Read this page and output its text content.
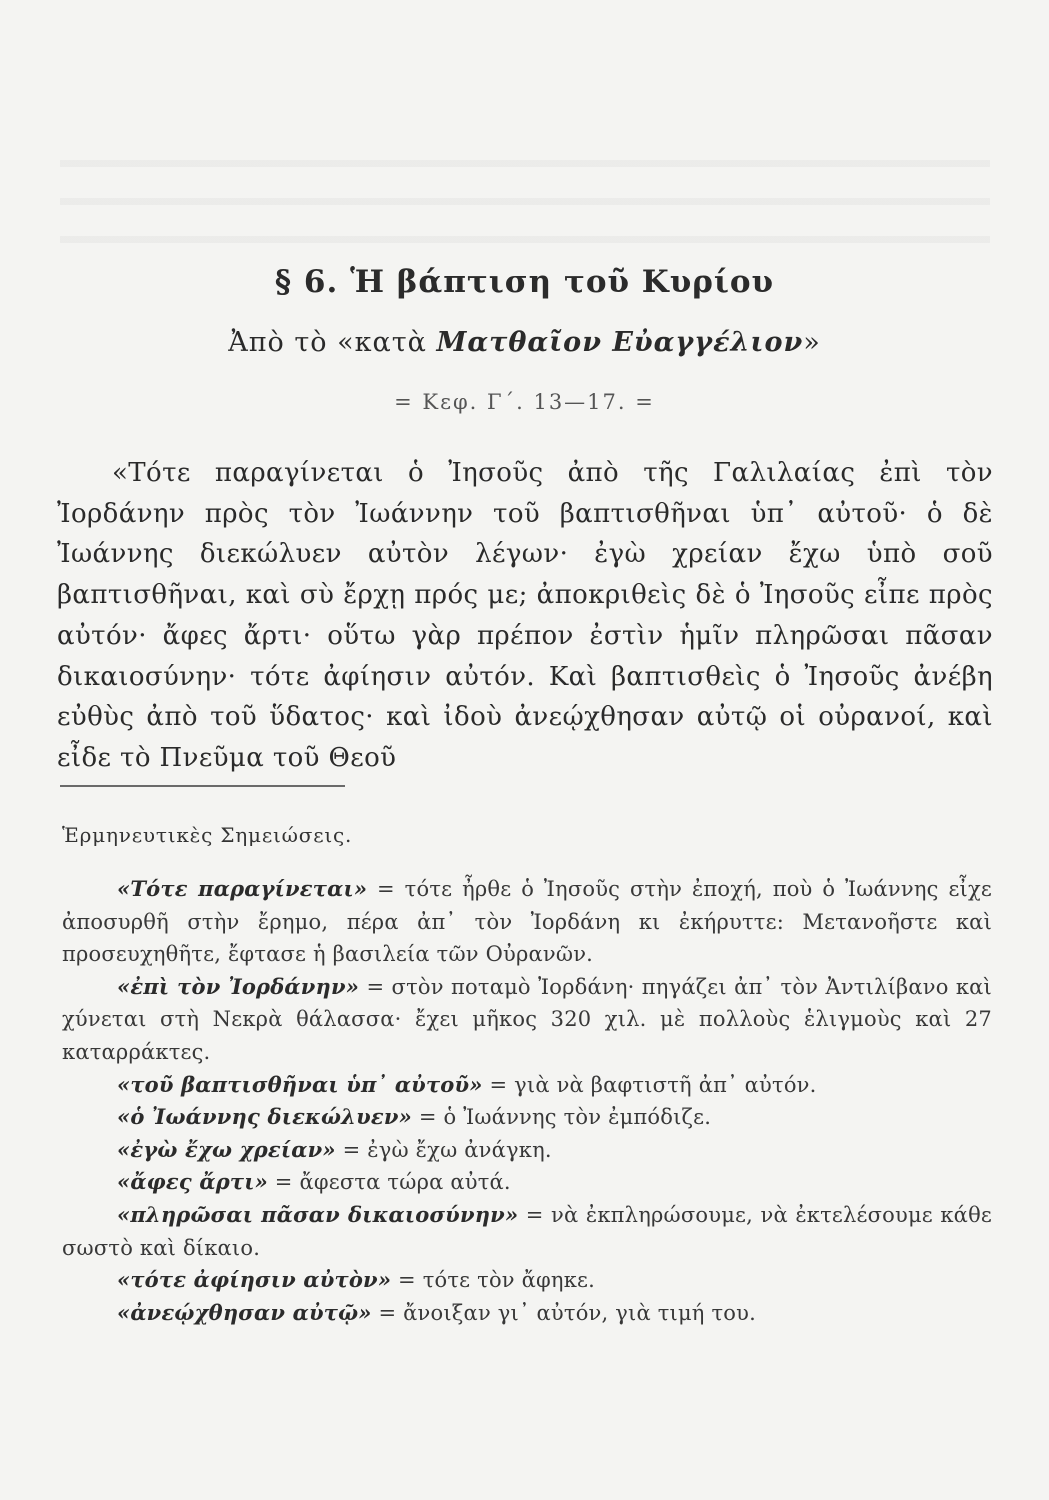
§ 6. Ἡ βάπτιση τοῦ Κυρίου
Ἀπὸ τὸ «κατὰ Ματθαῖον Εὐαγγέλιον»
= Κεφ. Γ΄. 13—17. =

«Τότε παραγίνεται ὁ Ἰησοῦς ἀπὸ τῆς Γαλιλαίας ἐπὶ τὸν Ἰορδάνην πρὸς τὸν Ἰωάννην τοῦ βαπτισθῆναι ὑπ᾽ αὐτοῦ· ὁ δὲ Ἰωάννης διεκώλυεν αὐτὸν λέγων· ἐγὼ χρείαν ἔχω ὑπὸ σοῦ βαπτισθῆναι, καὶ σὺ ἔρχῃ πρός με; ἀποκριθεὶς δὲ ὁ Ἰησοῦς εἶπε πρὸς αὐτόν· ἄφες ἄρτι· οὕτω γὰρ πρέπον ἐστὶν ἡμῖν πληρῶσαι πᾶσαν δικαιοσύνην· τότε ἀφίησιν αὐτόν. Καὶ βαπτισθεὶς ὁ Ἰησοῦς ἀνέβη εὐθὺς ἀπὸ τοῦ ὕδατος· καὶ ἰδοὺ ἀνεῴχθησαν αὐτῷ οἱ οὐρανοί, καὶ εἶδε τὸ Πνεῦμα τοῦ Θεοῦ

Ἑρμηνευτικὲς Σημειώσεις.

«Τότε παραγίνεται» = τότε ἦρθε ὁ Ἰησοῦς στὴν ἐποχή, ποὺ ὁ Ἰωάννης εἶχε ἀποσυρθῆ στὴν ἔρημο, πέρα ἀπ᾽ τὸν Ἰορδάνη κι ἐκήρυττε: Μετανοῆστε καὶ προσευχηθῆτε, ἔφτασε ἡ βασιλεία τῶν Οὐρανῶν.

«ἐπὶ τὸν Ἰορδάνην» = στὸν ποταμὸ Ἰορδάνη· πηγάζει ἀπ᾽ τὸν Ἀντιλίβανο καὶ χύνεται στὴ Νεκρὰ θάλασσα· ἔχει μῆκος 320 χιλ. μὲ πολλοὺς ἑλιγμοὺς καὶ 27 καταρράκτες.

«τοῦ βαπτισθῆναι ὑπ᾽ αὐτοῦ» = γιὰ νὰ βαφτιστῆ ἀπ᾽ αὐτόν.

«ὁ Ἰωάννης διεκώλυεν» = ὁ Ἰωάννης τὸν ἐμπόδιζε.

«ἐγὼ ἔχω χρείαν» = ἐγὼ ἔχω ἀνάγκη.

«ἄφες ἄρτι» = ἄφεστα τώρα αὐτά.

«πληρῶσαι πᾶσαν δικαιοσύνην» = νὰ ἐκπληρώσουμε, νὰ ἐκτελέσουμε κάθε σωστὸ καὶ δίκαιο.

«τότε ἀφίησιν αὐτὸν» = τότε τὸν ἄφηκε.

«ἀνεῴχθησαν αὐτῷ» = ἄνοιξαν γι᾽ αὐτόν, γιὰ τιμή του.
